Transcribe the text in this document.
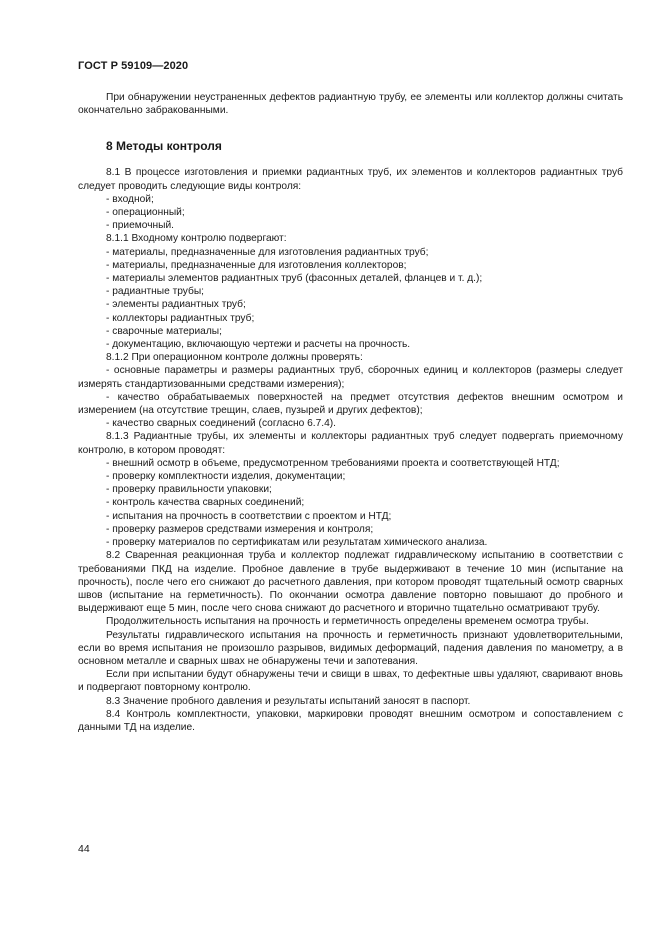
ГОСТ Р 59109—2020

При обнаружении неустраненных дефектов радиантную трубу, ее элементы или коллектор должны считать окончательно забракованными.

8 Методы контроля

8.1 В процессе изготовления и приемки радиантных труб, их элементов и коллекторов радиантных труб следует проводить следующие виды контроля:

- входной;

- операционный;

- приемочный.

8.1.1 Входному контролю подвергают:

- материалы, предназначенные для изготовления радиантных труб;

- материалы, предназначенные для изготовления коллекторов;

- материалы элементов радиантных труб (фасонных деталей, фланцев и т. д.);

- радиантные трубы;

- элементы радиантных труб;

- коллекторы радиантных труб;

- сварочные материалы;

- документацию, включающую чертежи и расчеты на прочность.

8.1.2 При операционном контроле должны проверять:

- основные параметры и размеры радиантных труб, сборочных единиц и коллекторов (размеры следует измерять стандартизованными средствами измерения);

- качество обрабатываемых поверхностей на предмет отсутствия дефектов внешним осмотром и измерением (на отсутствие трещин, слаев, пузырей и других дефектов);

- качество сварных соединений (согласно 6.7.4).

8.1.3 Радиантные трубы, их элементы и коллекторы радиантных труб следует подвергать приемочному контролю, в котором проводят:

- внешний осмотр в объеме, предусмотренном требованиями проекта и соответствующей НТД;

- проверку комплектности изделия, документации;

- проверку правильности упаковки;

- контроль качества сварных соединений;

- испытания на прочность в соответствии с проектом и НТД;

- проверку размеров средствами измерения и контроля;

- проверку материалов по сертификатам или результатам химического анализа.

8.2 Сваренная реакционная труба и коллектор подлежат гидравлическому испытанию в соответствии с требованиями ПКД на изделие. Пробное давление в трубе выдерживают в течение 10 мин (испытание на прочность), после чего его снижают до расчетного давления, при котором проводят тщательный осмотр сварных швов (испытание на герметичность). По окончании осмотра давление повторно повышают до пробного и выдерживают еще 5 мин, после чего снова снижают до расчетного и вторично тщательно осматривают трубу.

Продолжительность испытания на прочность и герметичность определены временем осмотра трубы.

Результаты гидравлического испытания на прочность и герметичность признают удовлетворительными, если во время испытания не произошло разрывов, видимых деформаций, падения давления по манометру, а в основном металле и сварных швах не обнаружены течи и запотевания.

Если при испытании будут обнаружены течи и свищи в швах, то дефектные швы удаляют, сваривают вновь и подвергают повторному контролю.

8.3 Значение пробного давления и результаты испытаний заносят в паспорт.

8.4 Контроль комплектности, упаковки, маркировки проводят внешним осмотром и сопоставлением с данными ТД на изделие.

44
